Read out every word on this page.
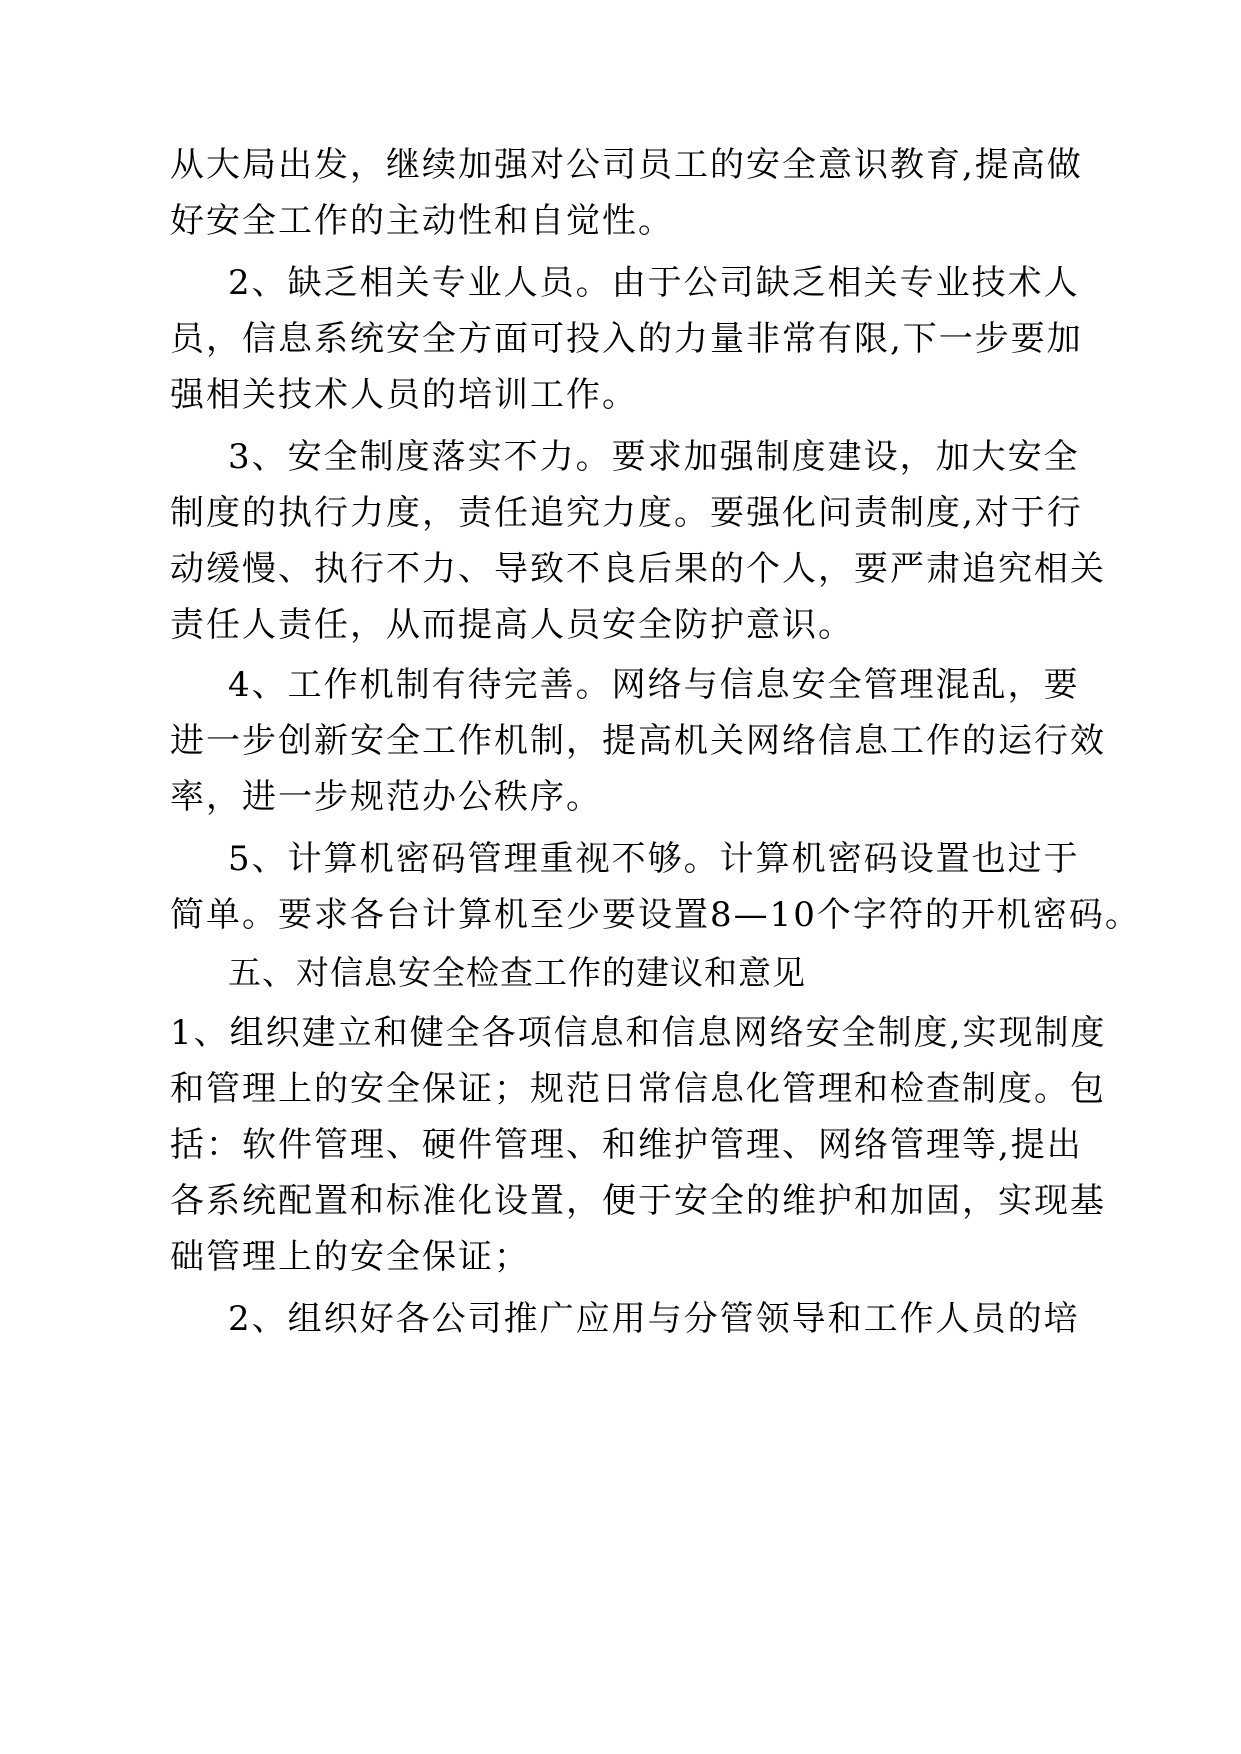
从大局出发，继续加强对公司员工的安全意识教育,提高做
好安全工作的主动性和自觉性。
2、缺乏相关专业人员。由于公司缺乏相关专业技术人
员，信息系统安全方面可投入的力量非常有限,下一步要加
强相关技术人员的培训工作。
3、安全制度落实不力。要求加强制度建设，加大安全
制度的执行力度，责任追究力度。要强化问责制度,对于行
动缓慢、执行不力、导致不良后果的个人，要严肃追究相关
责任人责任，从而提高人员安全防护意识。
4、工作机制有待完善。网络与信息安全管理混乱，要
进一步创新安全工作机制，提高机关网络信息工作的运行效
率，进一步规范办公秩序。
5、计算机密码管理重视不够。计算机密码设置也过于
简单。要求各台计算机至少要设置8—10个字符的开机密码。
五、对信息安全检查工作的建议和意见
1、组织建立和健全各项信息和信息网络安全制度,实现制度
和管理上的安全保证；规范日常信息化管理和检查制度。包
括：软件管理、硬件管理、和维护管理、网络管理等,提出
各系统配置和标准化设置，便于安全的维护和加固，实现基
础管理上的安全保证；
2、组织好各公司推广应用与分管领导和工作人员的培
